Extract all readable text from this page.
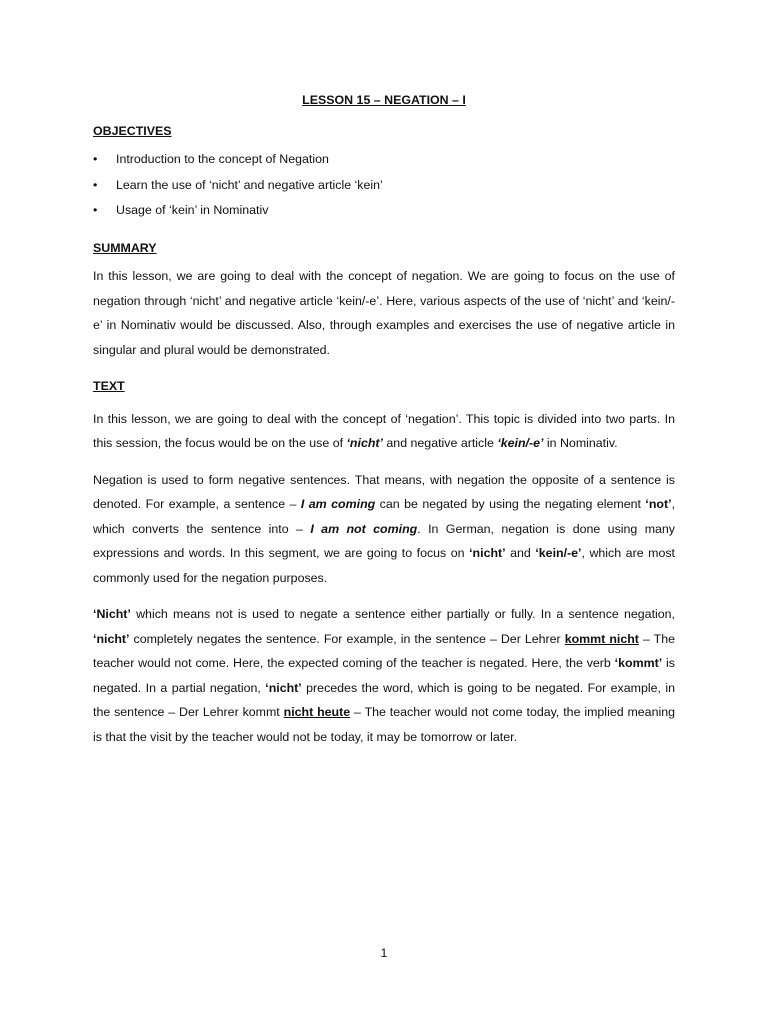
LESSON 15 – NEGATION – I

OBJECTIVES

• Introduction to the concept of Negation
• Learn the use of ‘nicht’ and negative article ‘kein’
• Usage of ‘kein’ in Nominativ

SUMMARY

In this lesson, we are going to deal with the concept of negation. We are going to focus on the use of negation through ‘nicht’ and negative article ‘kein/-e’. Here, various aspects of the use of ‘nicht’ and ‘kein/-e’ in Nominativ would be discussed. Also, through examples and exercises the use of negative article in singular and plural would be demonstrated.

TEXT

In this lesson, we are going to deal with the concept of ‘negation’. This topic is divided into two parts. In this session, the focus would be on the use of ‘nicht’ and negative article ‘kein/-e’ in Nominativ.

Negation is used to form negative sentences. That means, with negation the opposite of a sentence is denoted. For example, a sentence – I am coming can be negated by using the negating element ‘not’, which converts the sentence into – I am not coming. In German, negation is done using many expressions and words. In this segment, we are going to focus on ‘nicht’ and ‘kein/-e’, which are most commonly used for the negation purposes.

‘Nicht’ which means not is used to negate a sentence either partially or fully. In a sentence negation, ‘nicht’ completely negates the sentence. For example, in the sentence – Der Lehrer kommt nicht – The teacher would not come. Here, the expected coming of the teacher is negated. Here, the verb ‘kommt’ is negated. In a partial negation, ‘nicht’ precedes the word, which is going to be negated. For example, in the sentence – Der Lehrer kommt nicht heute – The teacher would not come today, the implied meaning is that the visit by the teacher would not be today, it may be tomorrow or later.

1
